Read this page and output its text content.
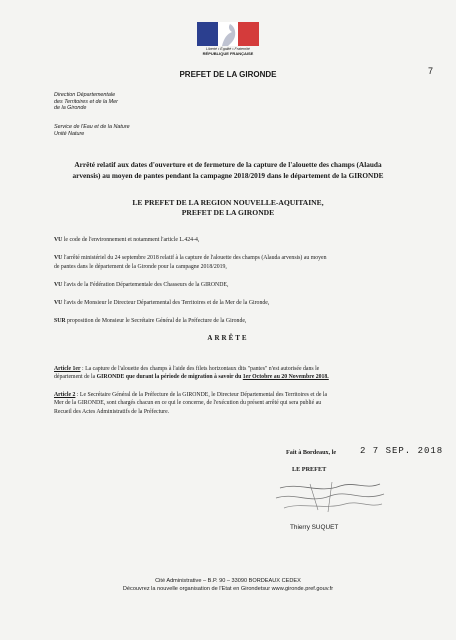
Liberté • Égalité • Fraternité
RÉPUBLIQUE FRANÇAISE
PREFET DE LA GIRONDE	7
Direction Départementale
des Territoires et de la Mer
de la Gironde
Service de l'Eau et de la Nature
Unité Nature
Arrêté relatif aux dates d'ouverture et de fermeture de la capture de l'alouette des champs (Alauda
arvensis) au moyen de pantes pendant la campagne 2018/2019 dans le département de la GIRONDE
LE PREFET DE LA REGION NOUVELLE-AQUITAINE,
PREFET DE LA GIRONDE
VU le code de l'environnement et notamment l'article L.424-4,
VU l'arrêté ministériel du 24 septembre 2018 relatif à la capture de l'alouette des champs (Alauda arvensis) au moyen
de pantes dans le département de la Gironde pour la campagne 2018/2019,
VU l'avis de la Fédération Départementale des Chasseurs de la GIRONDE,
VU l'avis de Monsieur le Directeur Départemental des Territoires et de la Mer de la Gironde,
SUR proposition de Monsieur le Secrétaire Général de la Préfecture de la Gironde,
ARRÊTE
Article 1er : La capture de l'alouette des champs à l'aide des filets horizontaux dits "pantes" n'est autorisée dans le
département de la GIRONDE que durant la période de migration à savoir du 1er Octobre au 20 Novembre 2018.
Article 2 : Le Secrétaire Général de la Préfecture de la GIRONDE, le Directeur Départemental des Territoires et de la
Mer de la GIRONDE, sont chargés chacun en ce qui le concerne, de l'exécution du présent arrêté qui sera publié au
Recueil des Actes Administratifs de la Préfecture.
Fait à Bordeaux, le	2 7 SEP. 2018
LE PREFET
Thierry SUQUET
Cité Administrative – B.P. 90 – 33090 BORDEAUX CEDEX
Découvrez la nouvelle organisation de l'Etat en Girondetsur www.gironde.pref.gouv.fr
